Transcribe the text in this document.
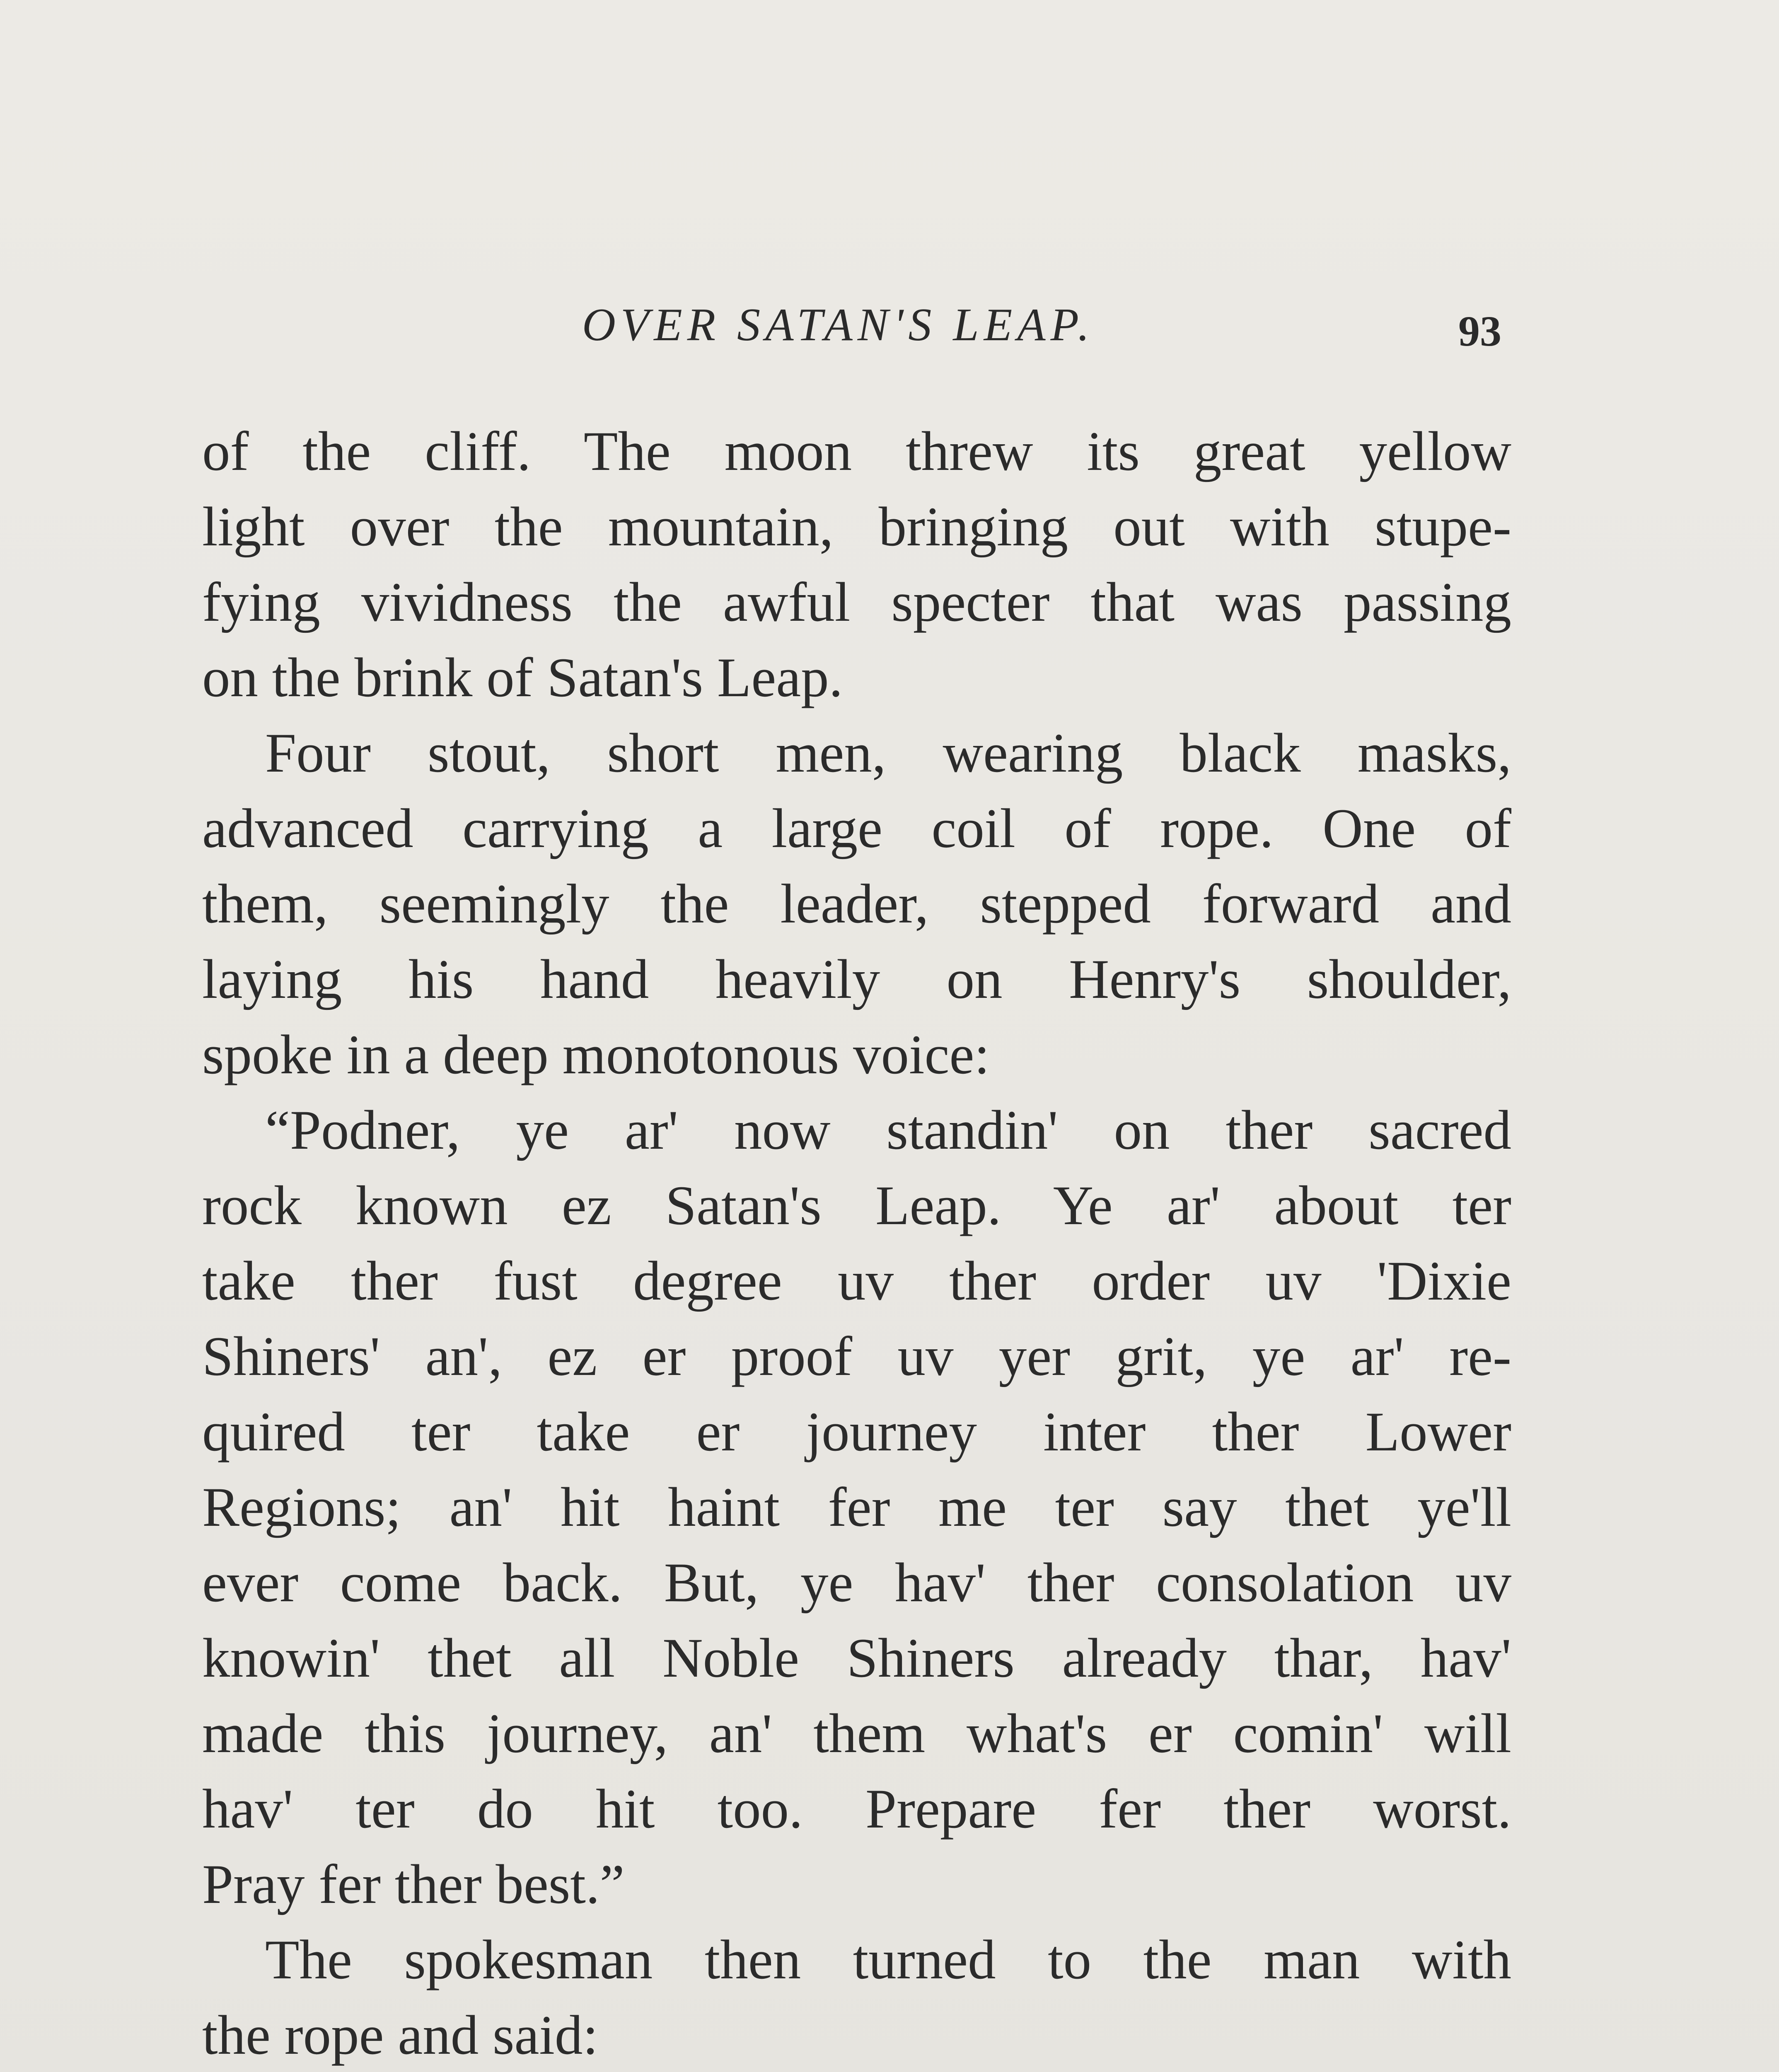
OVER SATAN'S LEAP.	93
of the cliff. The moon threw its great yellow
light over the mountain, bringing out with stupe-
fying vividness the awful specter that was passing
on the brink of Satan's Leap.
Four stout, short men, wearing black masks,
advanced carrying a large coil of rope. One of
them, seemingly the leader, stepped forward and
laying his hand heavily on Henry's shoulder,
spoke in a deep monotonous voice:
“Podner, ye ar' now standin' on ther sacred
rock known ez Satan's Leap. Ye ar' about ter
take ther fust degree uv ther order uv 'Dixie
Shiners' an', ez er proof uv yer grit, ye ar' re-
quired ter take er journey inter ther Lower
Regions; an' hit haint fer me ter say thet ye'll
ever come back. But, ye hav' ther consolation uv
knowin' thet all Noble Shiners already thar, hav'
made this journey, an' them what's er comin' will
hav' ter do hit too. Prepare fer ther worst.
Pray fer ther best.”
The spokesman then turned to the man with
the rope and said:
